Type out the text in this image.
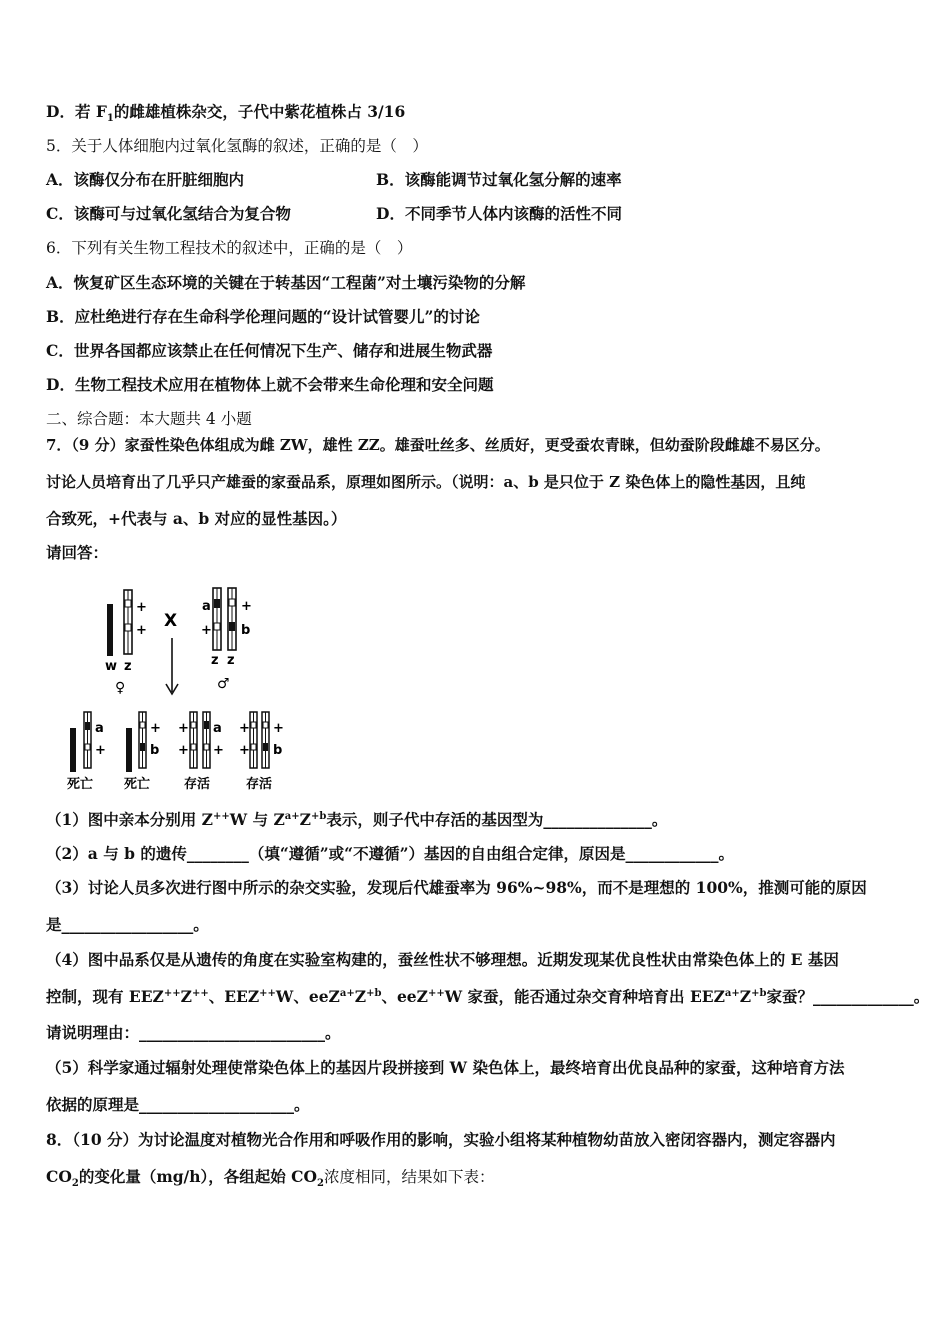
D．若 $F_1$的雌雄植株杂交，子代中紫花植株占 3/16
5．关于人体细胞内过氧化氢酶的叙述，正确的是（　）
A．该酶仅分布在肝脏细胞内	B．该酶能调节过氧化氢分解的速率
C．该酶可与过氧化氢结合为复合物	D．不同季节人体内该酶的活性不同
6．下列有关生物工程技术的叙述中，正确的是（　）
A．恢复矿区生态环境的关键在于转基因“工程菌”对土壤污染物的分解
B．应杜绝进行存在生命科学伦理问题的“设计试管婴儿”的讨论
C．世界各国都应该禁止在任何情况下生产、储存和进展生物武器
D．生物工程技术应用在植物体上就不会带来生命伦理和安全问题
二、综合题：本大题共 4 小题
7．（9 分）家蚕性染色体组成为雌 ZW，雄性 ZZ。雄蚕吐丝多、丝质好，更受蚕农青睐，但幼蚕阶段雌雄不易区分。
讨论人员培育出了几乎只产雄蚕的家蚕品系，原理如图所示。（说明：a、b 是只位于 Z 染色体上的隐性基因，且纯
合致死，+代表与 a、b 对应的显性基因。）
请回答：
+
+
w z
♀
X
a
+
+
b
z z
♂
a
+
死亡
+
b
死亡
+
+
a
+
存活
+
+
+
b
存活
（1）图中亲本分别用 Z++W 与 $Z^{a+}Z^{+b}$表示，则子代中存活的基因型为______________。
（2）a 与 b 的遗传________（填“遵循”或“不遵循”）基因的自由组合定律，原因是____________。
（3）讨论人员多次进行图中所示的杂交实验，发现后代雄蚕率为 96%~98%，而不是理想的 100%，推测可能的原因
是_________________。
（4）图中品系仅是从遗传的角度在实验室构建的，蚕丝性状不够理想。近期发现某优良性状由常染色体上的 E 基因
控制，现有 EEZ++Z++、EEZ++W、$eeZ^{a+}Z^{+b}$、eeZ++W 家蚕，能否通过杂交育种培育出 $EEZ^{a+}Z^{+b}$家蚕？_____________。
请说明理由：________________________。
（5）科学家通过辐射处理使常染色体上的基因片段拼接到 W 染色体上，最终培育出优良品种的家蚕，这种培育方法
依据的原理是____________________。
8．（10 分）为讨论温度对植物光合作用和呼吸作用的影响，实验小组将某种植物幼苗放入密闭容器内，测定容器内
$CO_2$的变化量（mg/h），各组起始 $CO_2$浓度相同，结果如下表：
